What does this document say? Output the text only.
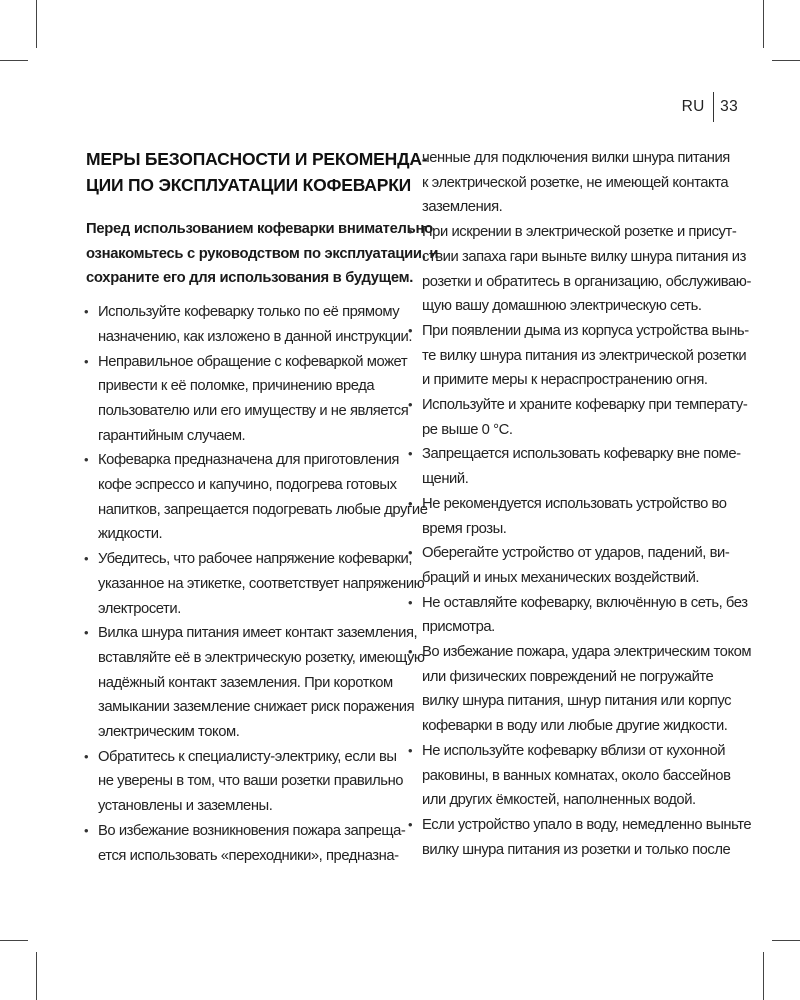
RU	33
МЕРЫ БЕЗОПАСНОСТИ И РЕКОМЕНДА-
ЦИИ ПО ЭКСПЛУАТАЦИИ КОФЕВАРКИ

Перед использованием кофеварки внимательно
ознакомьтесь с руководством по эксплуатации, и
сохраните его для использования в будущем.

• Используйте кофеварку только по её прямому
назначению, как изложено в данной инструкции.
• Неправильное обращение с кофеваркой может
привести к её поломке, причинению вреда
пользователю или его имуществу и не является
гарантийным случаем.
• Кофеварка предназначена для приготовления
кофе эспрессо и капучино, подогрева готовых
напитков, запрещается подогревать любые другие
жидкости.
• Убедитесь, что рабочее напряжение кофеварки,
указанное на этикетке, соответствует напряжению
электросети.
• Вилка шнура питания имеет контакт заземления,
вставляйте её в электрическую розетку, имеющую
надёжный контакт заземления. При коротком
замыкании заземление снижает риск поражения
электрическим током.
• Обратитесь к специалисту-электрику, если вы
не уверены в том, что ваши розетки правильно
установлены и заземлены.
• Во избежание возникновения пожара запреща-
ется использовать «переходники», предназна-
ченные для подключения вилки шнура питания
к электрической розетке, не имеющей контакта
заземления.
• При искрении в электрической розетке и присут-
ствии запаха гари выньте вилку шнура питания из
розетки и обратитесь в организацию, обслуживаю-
щую вашу домашнюю электрическую сеть.
• При появлении дыма из корпуса устройства вынь-
те вилку шнура питания из электрической розетки
и примите меры к нераспространению огня.
• Используйте и храните кофеварку при температу-
ре выше 0 °C.
• Запрещается использовать кофеварку вне поме-
щений.
• Не рекомендуется использовать устройство во
время грозы.
• Оберегайте устройство от ударов, падений, ви-
браций и иных механических воздействий.
• Не оставляйте кофеварку, включённую в сеть, без
присмотра.
• Во избежание пожара, удара электрическим током
или физических повреждений не погружайте
вилку шнура питания, шнур питания или корпус
кофеварки в воду или любые другие жидкости.
• Не используйте кофеварку вблизи от кухонной
раковины, в ванных комнатах, около бассейнов
или других ёмкостей, наполненных водой.
• Если устройство упало в воду, немедленно выньте
вилку шнура питания из розетки и только после
